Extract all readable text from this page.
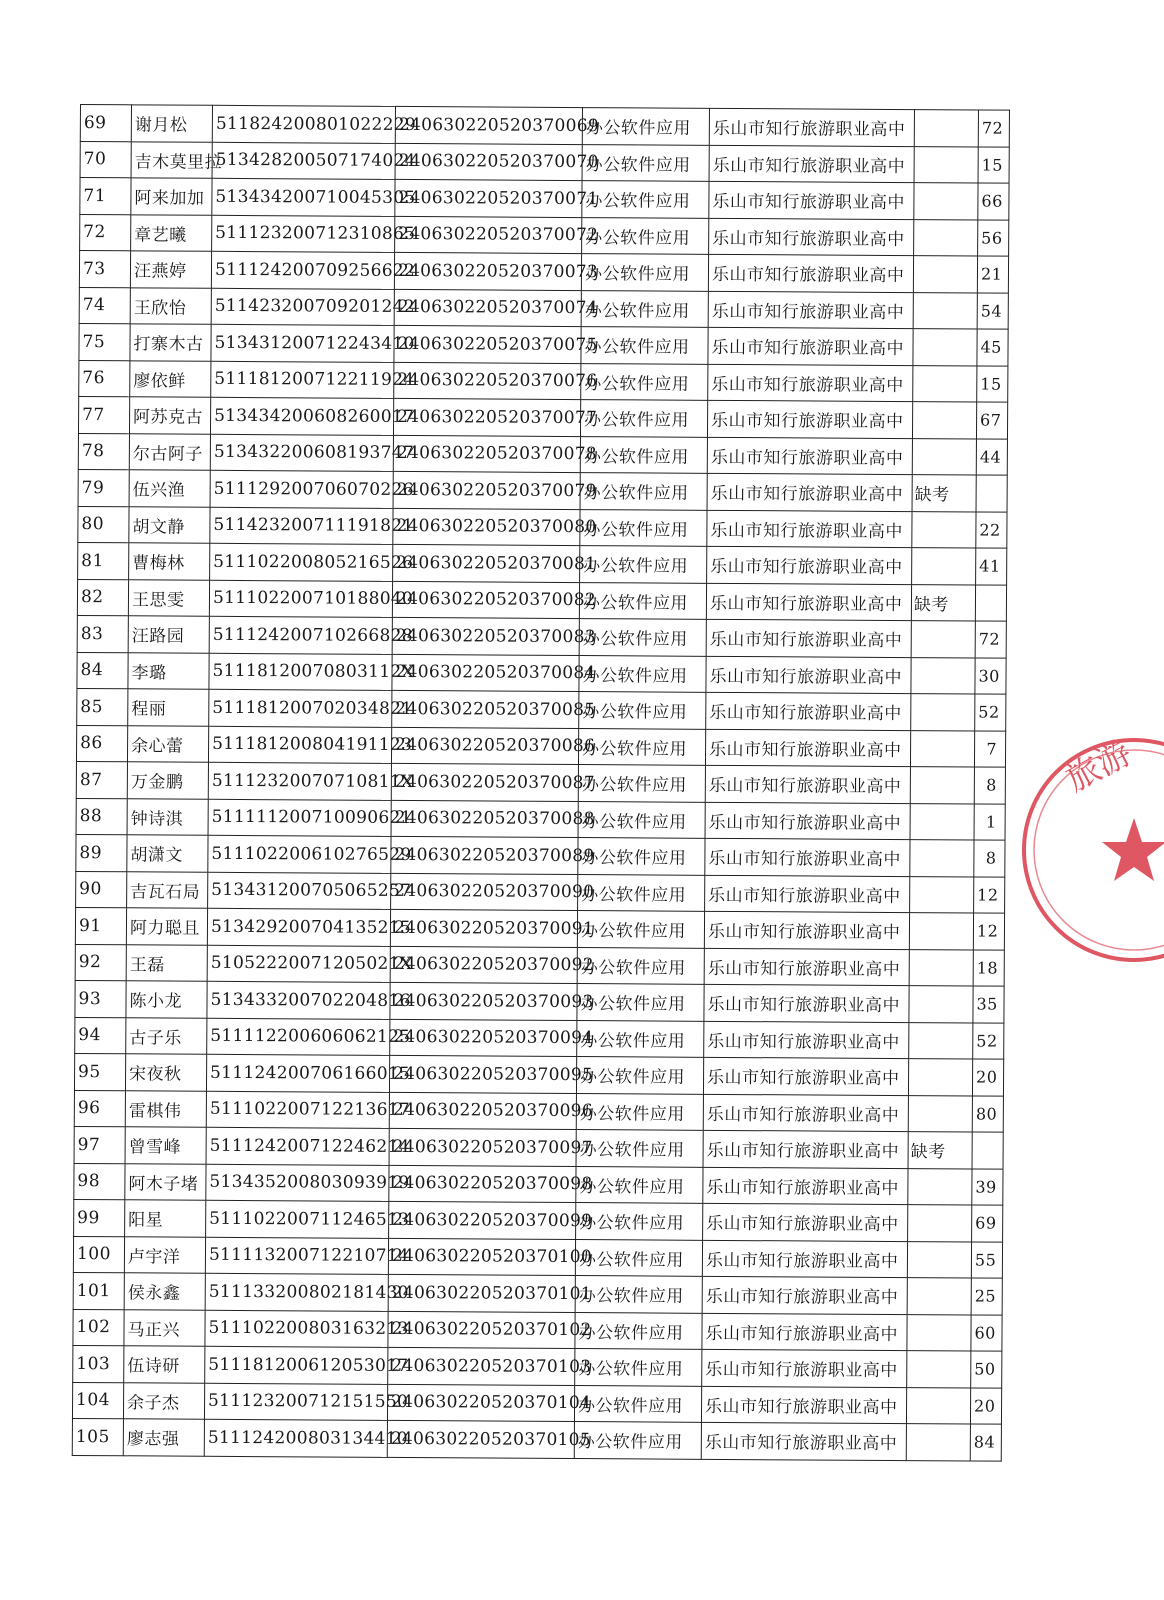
69	谢月松	511824200801022229	240630220520370069	办公软件应用	乐山市知行旅游职业高中		72
70	吉木莫里拉	513428200507174024	240630220520370070	办公软件应用	乐山市知行旅游职业高中		15
71	阿来加加	513434200710045305	240630220520370071	办公软件应用	乐山市知行旅游职业高中		66
72	章艺曦	511123200712310865	240630220520370072	办公软件应用	乐山市知行旅游职业高中		56
73	汪燕婷	511124200709256622	240630220520370073	办公软件应用	乐山市知行旅游职业高中		21
74	王欣怡	511423200709201242	240630220520370074	办公软件应用	乐山市知行旅游职业高中		54
75	打寨木古	513431200712243410	240630220520370075	办公软件应用	乐山市知行旅游职业高中		45
76	廖依鲜	511181200712211924	240630220520370076	办公软件应用	乐山市知行旅游职业高中		15
77	阿苏克古	513434200608260017	240630220520370077	办公软件应用	乐山市知行旅游职业高中		67
78	尔古阿子	513432200608193747	240630220520370078	办公软件应用	乐山市知行旅游职业高中		44
79	伍兴渔	511129200706070226	240630220520370079	办公软件应用	乐山市知行旅游职业高中	缺考	
80	胡文静	511423200711191821	240630220520370080	办公软件应用	乐山市知行旅游职业高中		22
81	曹梅林	511102200805216526	240630220520370081	办公软件应用	乐山市知行旅游职业高中		41
82	王思雯	511102200710188040	240630220520370082	办公软件应用	乐山市知行旅游职业高中	缺考	
83	汪路园	511124200710266828	240630220520370083	办公软件应用	乐山市知行旅游职业高中		72
84	李璐	51118120070803112X	240630220520370084	办公软件应用	乐山市知行旅游职业高中		30
85	程丽	511181200702034821	240630220520370085	办公软件应用	乐山市知行旅游职业高中		52
86	余心蕾	511181200804191123	240630220520370086	办公软件应用	乐山市知行旅游职业高中		7
87	万金鹏	51112320070710811X	240630220520370087	办公软件应用	乐山市知行旅游职业高中		8
88	钟诗淇	511111200710090621	240630220520370088	办公软件应用	乐山市知行旅游职业高中		1
89	胡潇文	511102200610276529	240630220520370089	办公软件应用	乐山市知行旅游职业高中		8
90	吉瓦石局	513431200705065257	240630220520370090	办公软件应用	乐山市知行旅游职业高中		12
91	阿力聪且	513429200704135215	240630220520370091	办公软件应用	乐山市知行旅游职业高中		12
92	王磊	51052220071205021X	240630220520370092	办公软件应用	乐山市知行旅游职业高中		18
93	陈小龙	513433200702204816	240630220520370093	办公软件应用	乐山市知行旅游职业高中		35
94	古子乐	511112200606062125	240630220520370094	办公软件应用	乐山市知行旅游职业高中		52
95	宋夜秋	511124200706166015	240630220520370095	办公软件应用	乐山市知行旅游职业高中		20
96	雷棋伟	511102200712213617	240630220520370096	办公软件应用	乐山市知行旅游职业高中		80
97	曾雪峰	511124200712246214	240630220520370097	办公软件应用	乐山市知行旅游职业高中	缺考	
98	阿木子堵	513435200803093919	240630220520370098	办公软件应用	乐山市知行旅游职业高中		39
99	阳星	511102200711246513	240630220520370099	办公软件应用	乐山市知行旅游职业高中		69
100	卢宇洋	511113200712210714	240630220520370100	办公软件应用	乐山市知行旅游职业高中		55
101	侯永鑫	511133200802181430	240630220520370101	办公软件应用	乐山市知行旅游职业高中		25
102	马正兴	511102200803163213	240630220520370102	办公软件应用	乐山市知行旅游职业高中		60
103	伍诗研	511181200612053017	240630220520370103	办公软件应用	乐山市知行旅游职业高中		50
104	余子杰	511123200712151550	240630220520370104	办公软件应用	乐山市知行旅游职业高中		20
105	廖志强	511124200803134410	240630220520370105	办公软件应用	乐山市知行旅游职业高中		84
旅游
